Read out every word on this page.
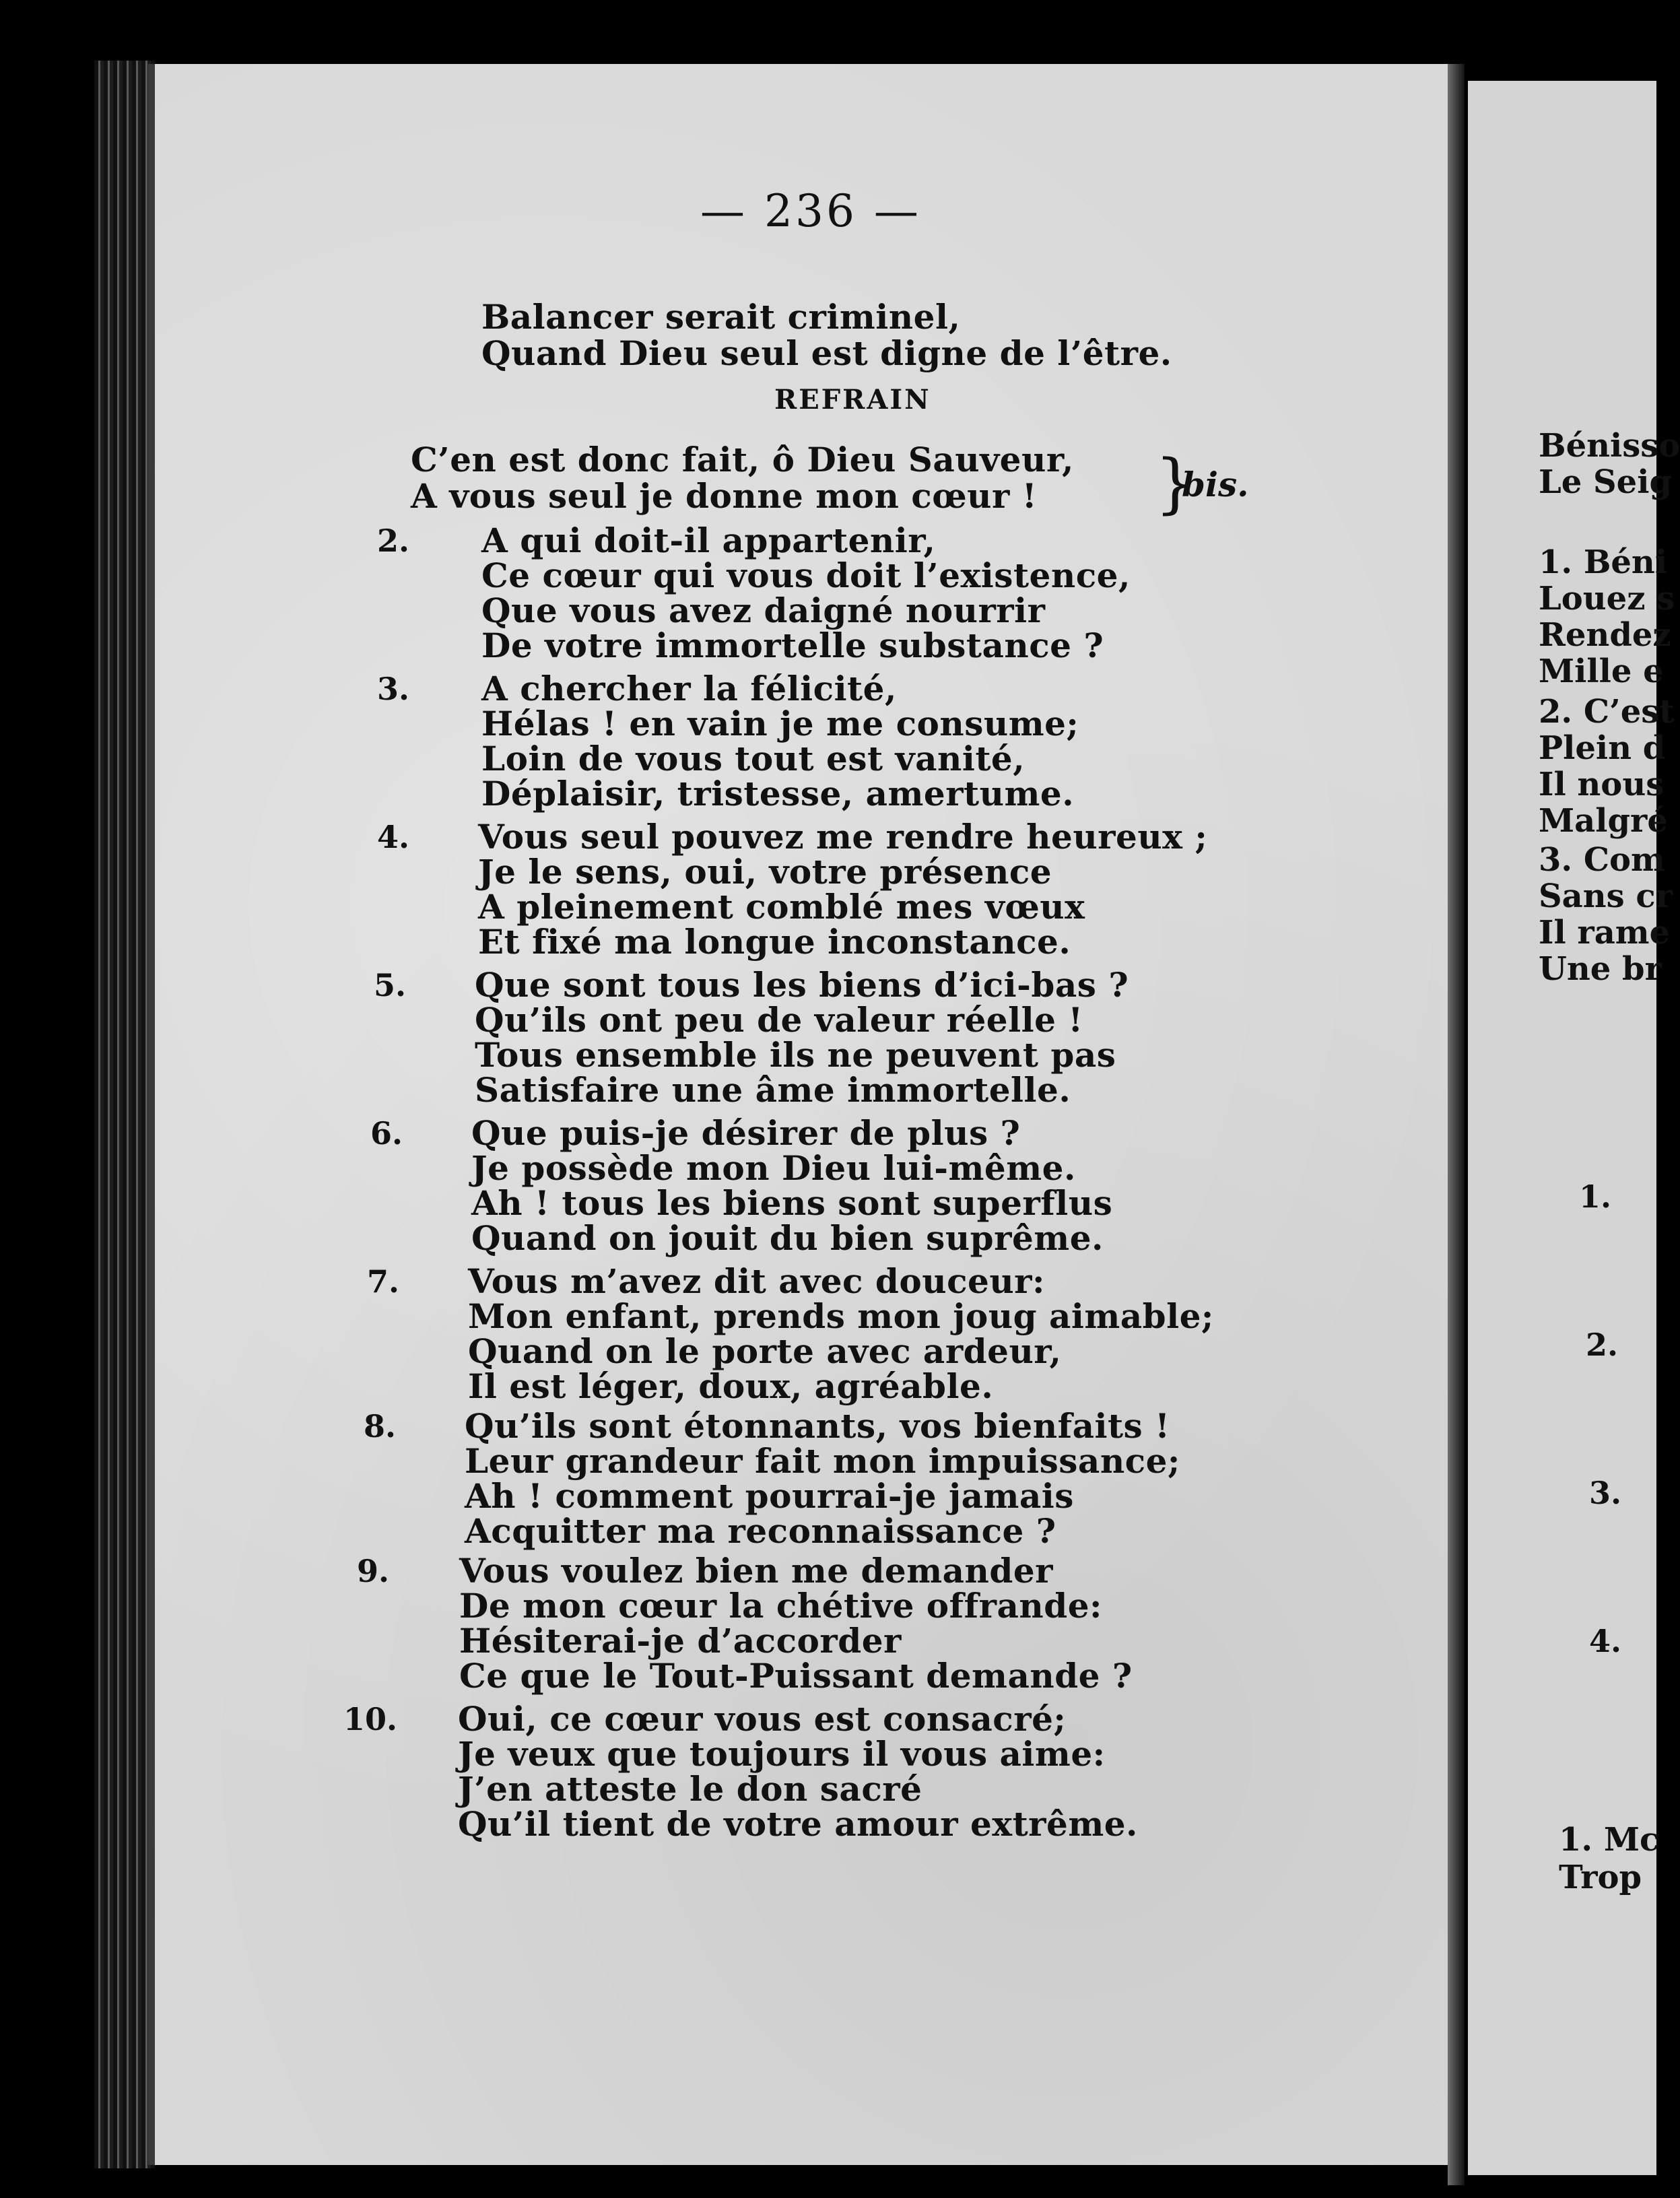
— 236 —
Balancer serait criminel,
Quand Dieu seul est digne de l’être.
REFRAIN
C’en est donc fait, ô Dieu Sauveur,
A vous seul je donne mon cœur ! }
bis.
2. A qui doit-il appartenir,
Ce cœur qui vous doit l’existence,
Que vous avez daigné nourrir
De votre immortelle substance ?
3. A chercher la félicité,
Hélas ! en vain je me consume;
Loin de vous tout est vanité,
Déplaisir, tristesse, amertume.
4. Vous seul pouvez me rendre heureux ;
Je le sens, oui, votre présence
A pleinement comblé mes vœux
Et fixé ma longue inconstance.
5. Que sont tous les biens d’ici-bas ?
Qu’ils ont peu de valeur réelle !
Tous ensemble ils ne peuvent pas
Satisfaire une âme immortelle.
6. Que puis-je désirer de plus ?
Je possède mon Dieu lui-même.
Ah ! tous les biens sont superflus
Quand on jouit du bien suprême.
7. Vous m’avez dit avec douceur:
Mon enfant, prends mon joug aimable;
Quand on le porte avec ardeur,
Il est léger, doux, agréable.
8. Qu’ils sont étonnants, vos bienfaits !
Leur grandeur fait mon impuissance;
Ah ! comment pourrai-je jamais
Acquitter ma reconnaissance ?
9. Vous voulez bien me demander
De mon cœur la chétive offrande:
Hésiterai-je d’accorder
Ce que le Tout-Puissant demande ?
10. Oui, ce cœur vous est consacré;
Je veux que toujours il vous aime:
J’en atteste le don sacré
Qu’il tient de votre amour extrême.
Bénisso
Le Seig
1. Béni
Louez s
Rendez
Mille e
2. C’est
Plein d
Il nous
Malgré
3. Com
Sans cr
Il rame
Une br
1.
2.
3.
4.
1. Mc
Trop
